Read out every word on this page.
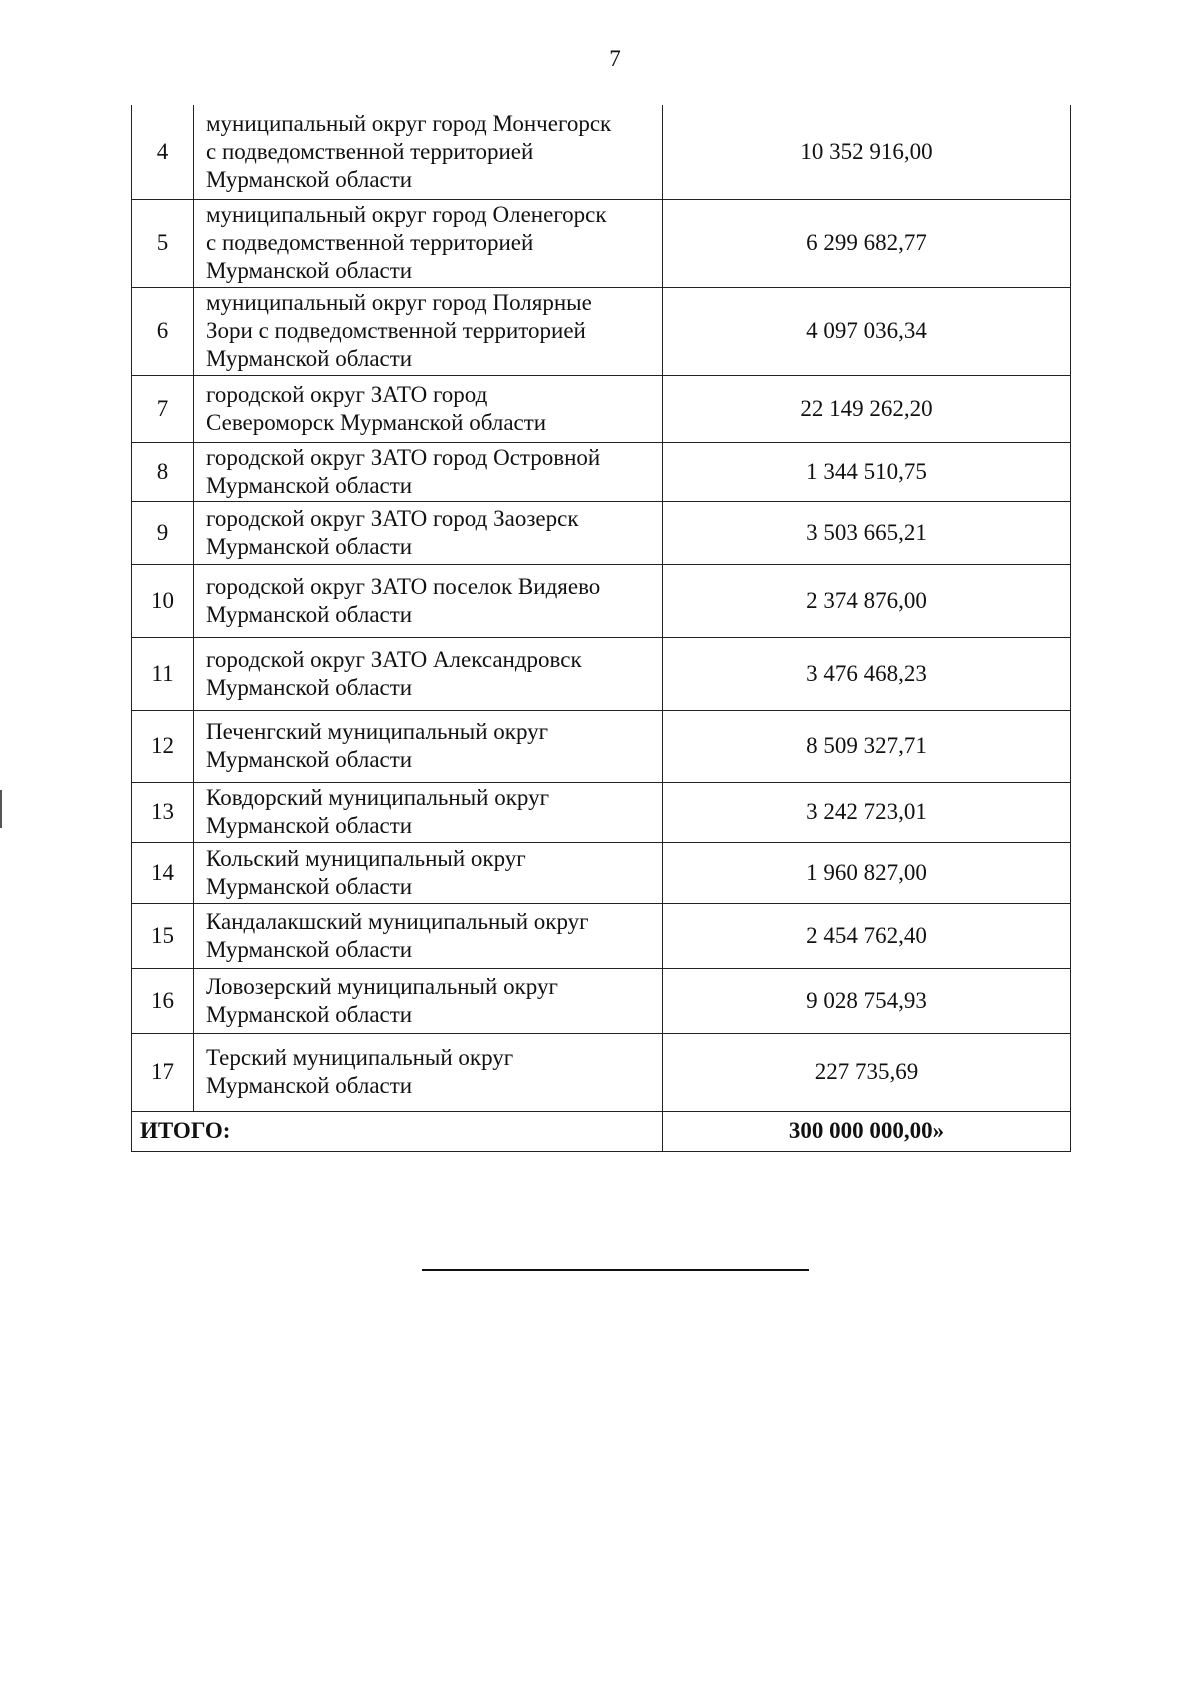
7
4	муниципальный округ город Мончегорск
с подведомственной территорией
Мурманской области	10 352 916,00
5	муниципальный округ город Оленегорск
с подведомственной территорией
Мурманской области	6 299 682,77
6	муниципальный округ город Полярные
Зори с подведомственной территорией
Мурманской области	4 097 036,34
7	городской округ ЗАТО город
Североморск Мурманской области	22 149 262,20
8	городской округ ЗАТО город Островной
Мурманской области	1 344 510,75
9	городской округ ЗАТО город Заозерск
Мурманской области	3 503 665,21
10	городской округ ЗАТО поселок Видяево
Мурманской области	2 374 876,00
11	городской округ ЗАТО Александровск
Мурманской области	3 476 468,23
12	Печенгский муниципальный округ
Мурманской области	8 509 327,71
13	Ковдорский муниципальный округ
Мурманской области	3 242 723,01
14	Кольский муниципальный округ
Мурманской области	1 960 827,00
15	Кандалакшский муниципальный округ
Мурманской области	2 454 762,40
16	Ловозерский муниципальный округ
Мурманской области	9 028 754,93
17	Терский муниципальный округ
Мурманской области	227 735,69
ИТОГО:		300 000 000,00»
